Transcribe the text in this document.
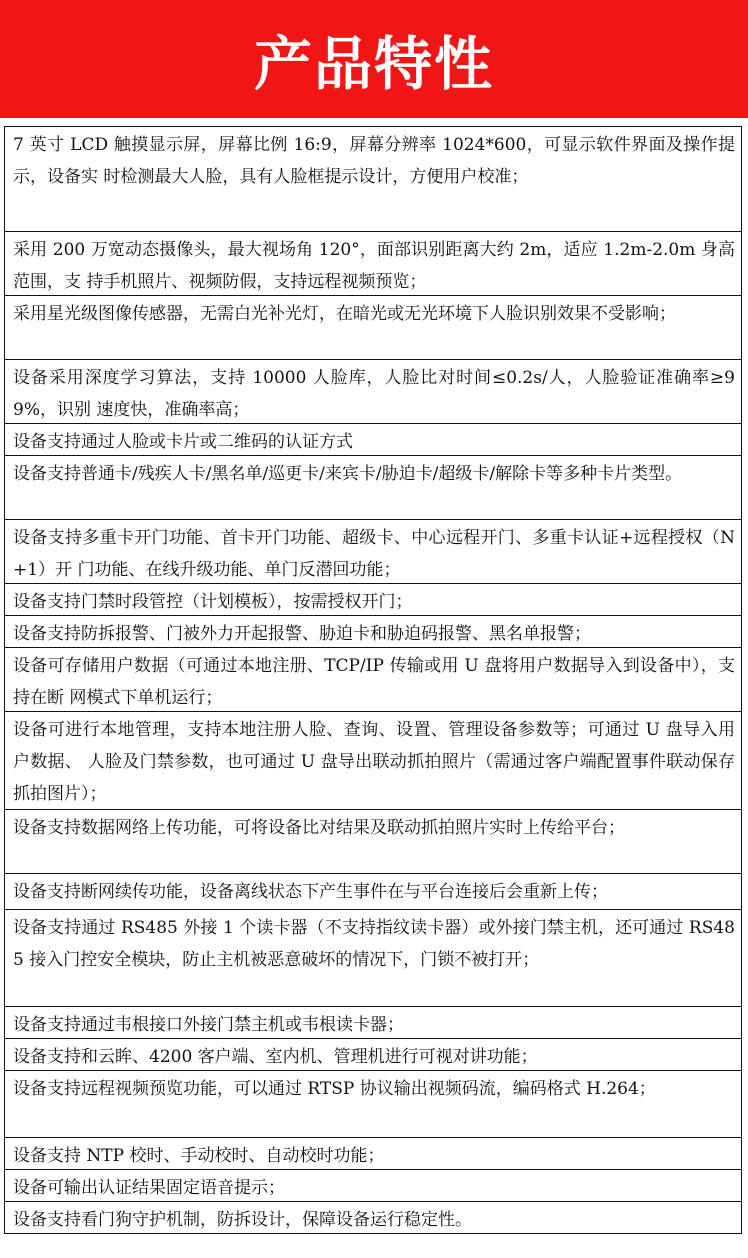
产品特性
7 英寸 LCD 触摸显示屏，屏幕比例 16:9，屏幕分辨率 1024*600，可显示软件界面及操作提示，设备实 时检测最大人脸，具有人脸框提示设计，方便用户校准；
采用 200 万宽动态摄像头，最大视场角 120°，面部识别距离大约 2m，适应 1.2m-2.0m 身高范围，支 持手机照片、视频防假，支持远程视频预览；
采用星光级图像传感器，无需白光补光灯，在暗光或无光环境下人脸识别效果不受影响；
设备采用深度学习算法，支持 10000 人脸库，人脸比对时间≤0.2s/人，人脸验证准确率≥99%，识别 速度快，准确率高；
设备支持通过人脸或卡片或二维码的认证方式
设备支持普通卡/残疾人卡/黑名单/巡更卡/来宾卡/胁迫卡/超级卡/解除卡等多种卡片类型。
设备支持多重卡开门功能、首卡开门功能、超级卡、中心远程开门、多重卡认证+远程授权（N+1）开 门功能、在线升级功能、单门反潜回功能；
设备支持门禁时段管控（计划模板），按需授权开门；
设备支持防拆报警、门被外力开起报警、胁迫卡和胁迫码报警、黑名单报警；
设备可存储用户数据（可通过本地注册、TCP/IP 传输或用 U 盘将用户数据导入到设备中），支持在断 网模式下单机运行；
设备可进行本地管理，支持本地注册人脸、查询、设置、管理设备参数等；可通过 U 盘导入用户数据、 人脸及门禁参数，也可通过 U 盘导出联动抓拍照片（需通过客户端配置事件联动保存抓拍图片）；
设备支持数据网络上传功能，可将设备比对结果及联动抓拍照片实时上传给平台；
设备支持断网续传功能，设备离线状态下产生事件在与平台连接后会重新上传；
设备支持通过 RS485 外接 1 个读卡器（不支持指纹读卡器）或外接门禁主机，还可通过 RS485 接入门控安全模块，防止主机被恶意破坏的情况下，门锁不被打开；
设备支持通过韦根接口外接门禁主机或韦根读卡器；
设备支持和云眸、4200 客户端、室内机、管理机进行可视对讲功能；
设备支持远程视频预览功能，可以通过 RTSP 协议输出视频码流，编码格式 H.264；
设备支持 NTP 校时、手动校时、自动校时功能；
设备可输出认证结果固定语音提示；
设备支持看门狗守护机制，防拆设计，保障设备运行稳定性。
